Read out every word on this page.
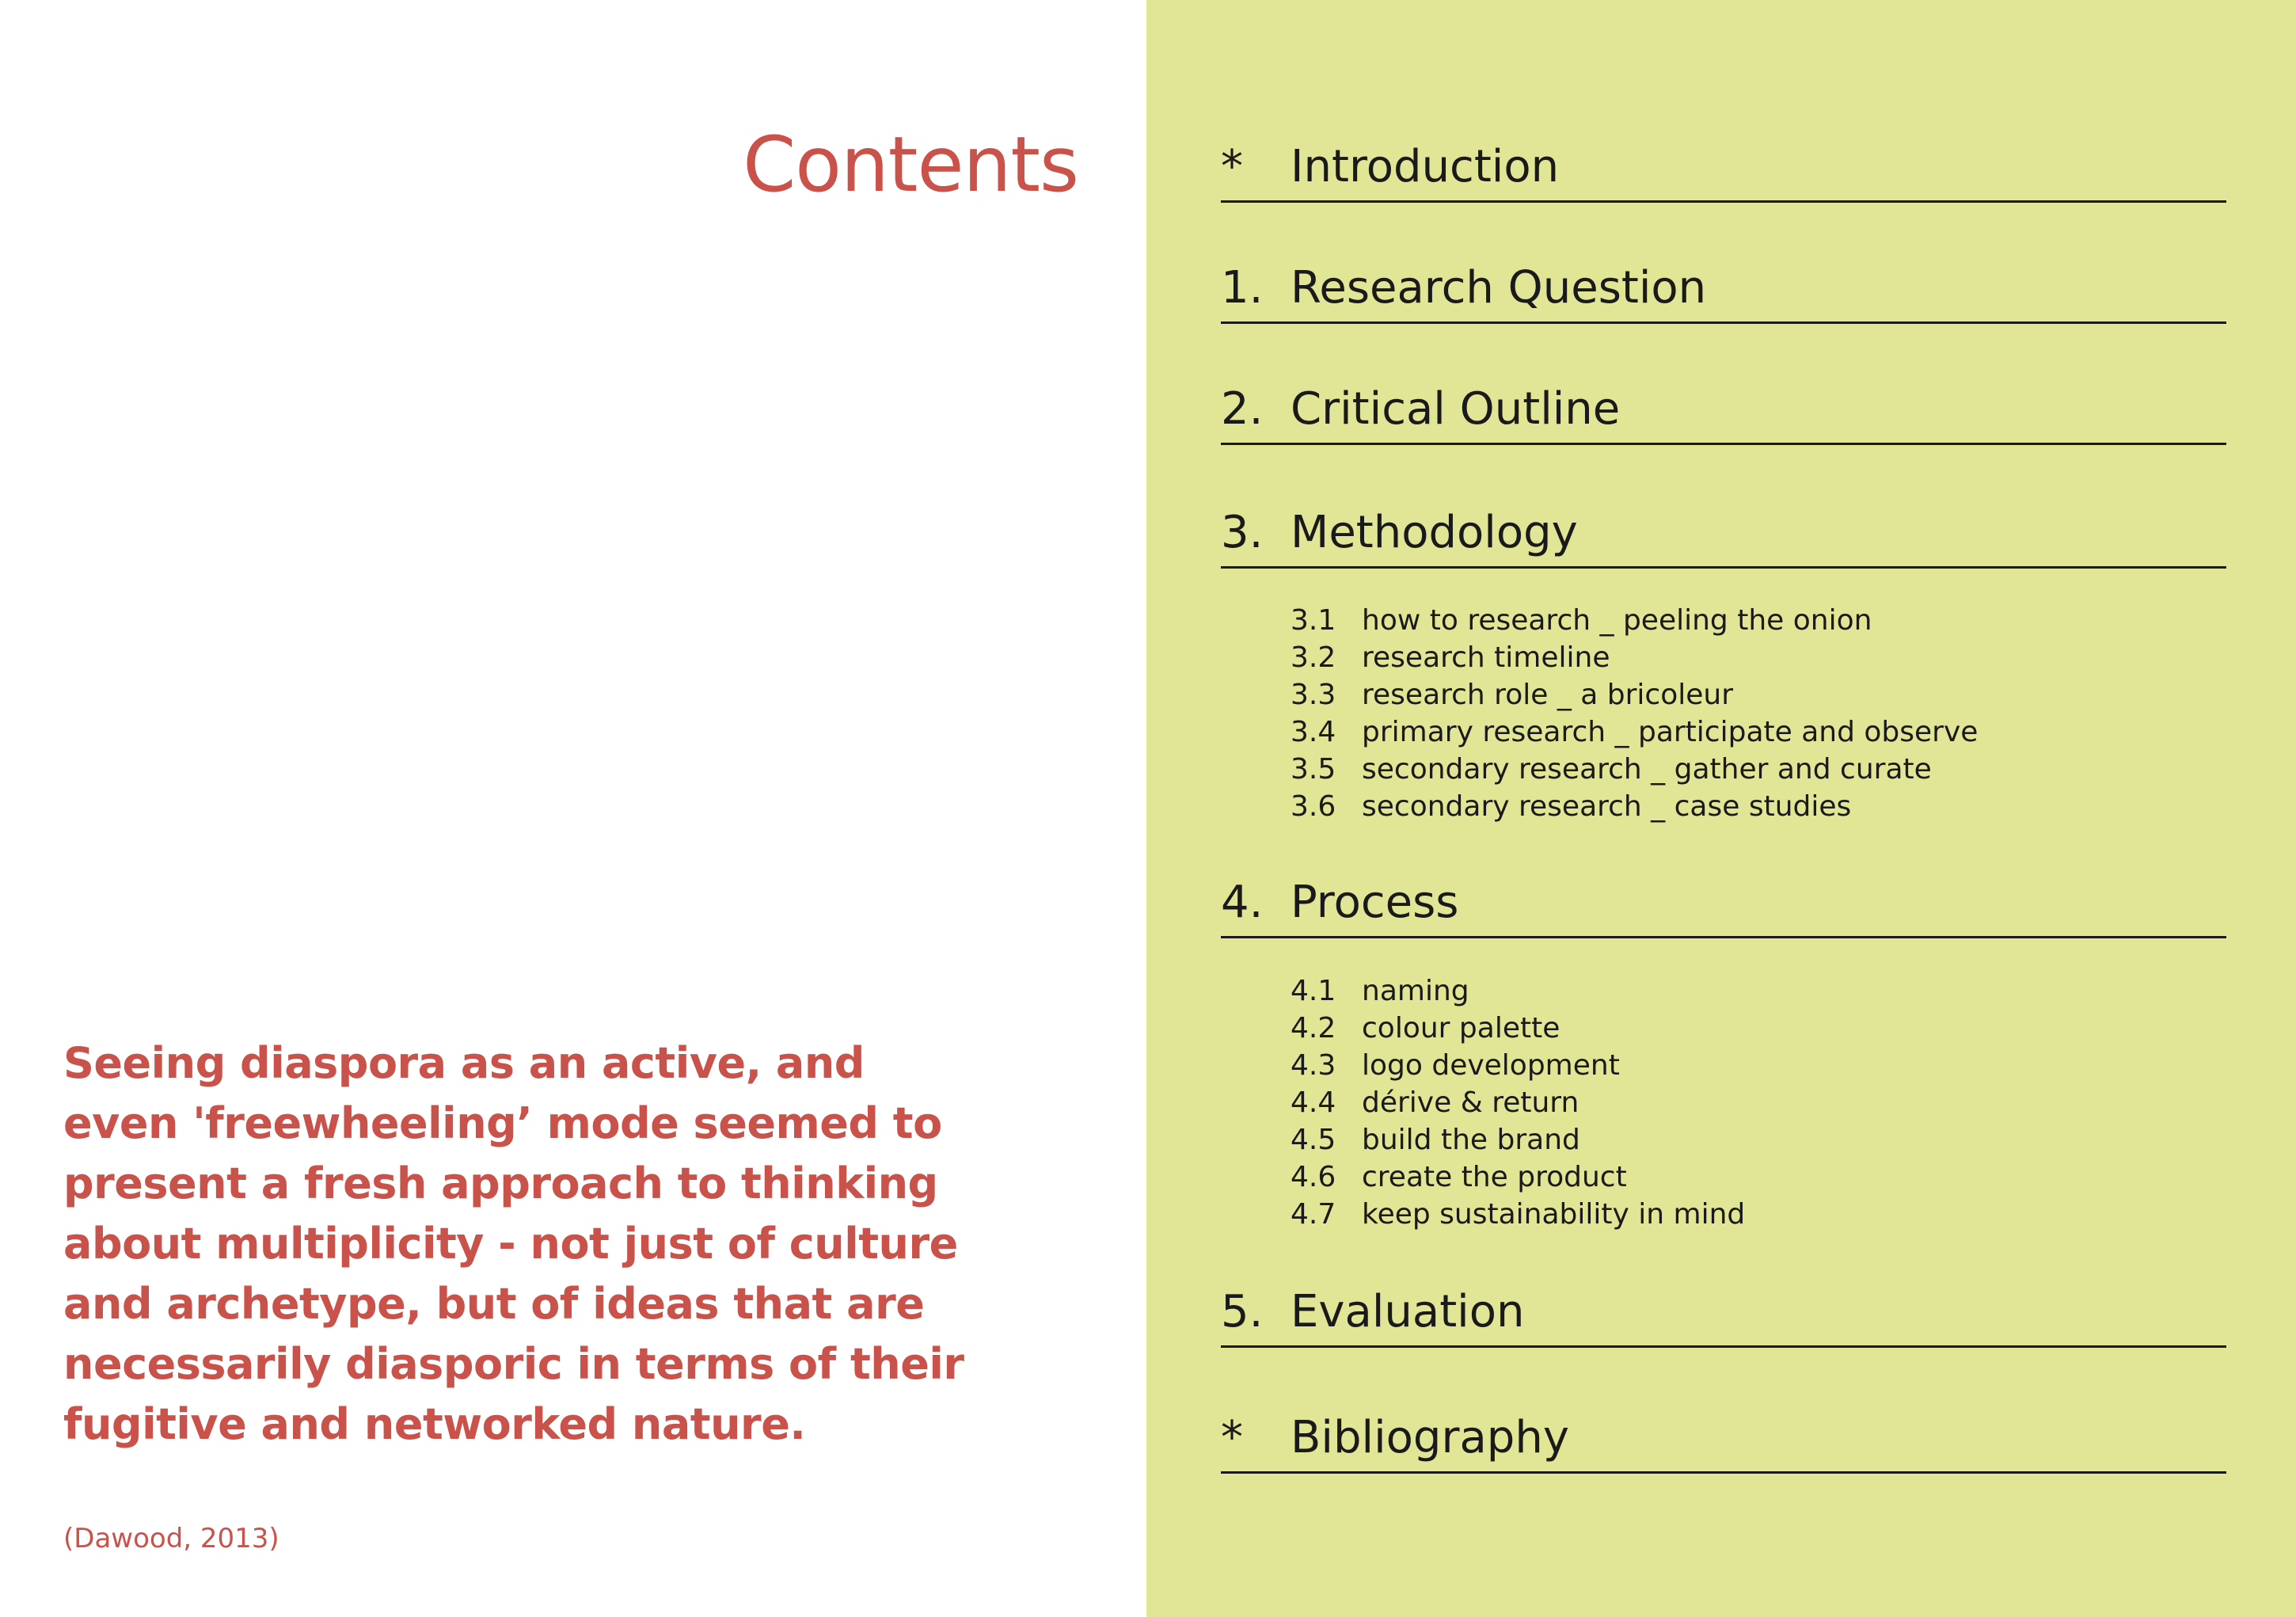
Contents
Seeing diaspora as an active, and
even 'freewheeling’ mode seemed to
present a fresh approach to thinking
about multiplicity - not just of culture
and archetype, but of ideas that are
necessarily diasporic in terms of their
fugitive and networked nature.
(Dawood, 2013)
* Introduction
1. Research Question
2. Critical Outline
3. Methodology
3.1 how to research _ peeling the onion
3.2 research timeline
3.3 research role _ a bricoleur
3.4 primary research _ participate and observe
3.5 secondary research _ gather and curate
3.6 secondary research _ case studies
4. Process
4.1 naming
4.2 colour palette
4.3 logo development
4.4 dérive & return
4.5 build the brand
4.6 create the product
4.7 keep sustainability in mind
5. Evaluation
* Bibliography
